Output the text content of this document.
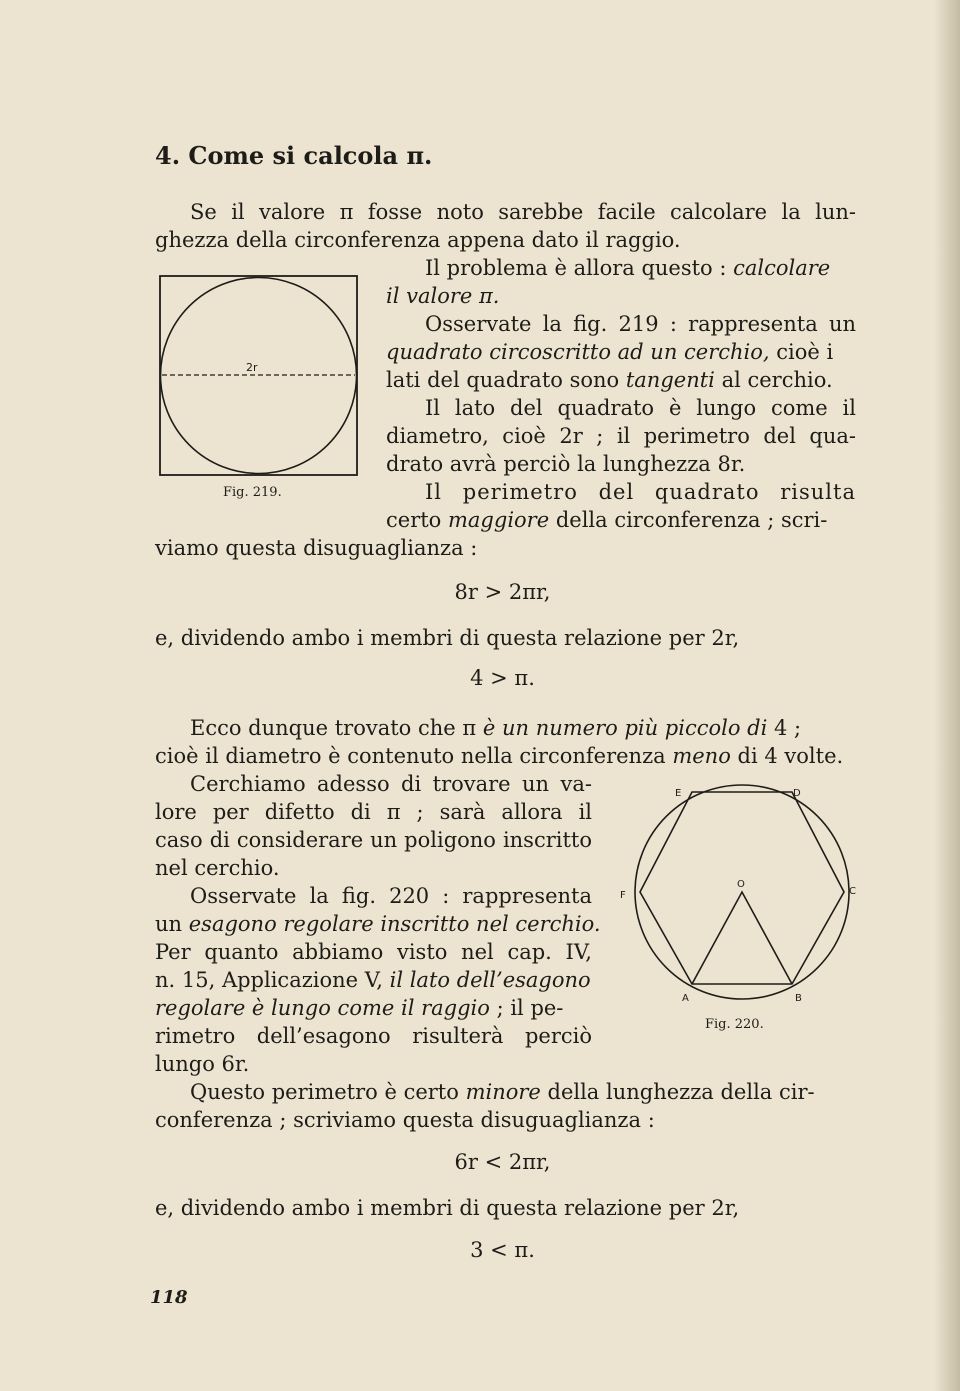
4. Come si calcola π.
Se il valore π fosse noto sarebbe facile calcolare la lun-
ghezza della circonferenza appena dato il raggio.
Il problema è allora questo : calcolare
il valore π.
Osservate la fig. 219 : rappresenta un
quadrato circoscritto ad un cerchio, cioè i
lati del quadrato sono tangenti al cerchio.
Il lato del quadrato è lungo come il
diametro, cioè 2r ; il perimetro del qua-
drato avrà perciò la lunghezza 8r.
Il perimetro del quadrato risulta
certo maggiore della circonferenza ; scri-
viamo questa disuguaglianza :
8r > 2πr,
e, dividendo ambo i membri di questa relazione per 2r,
4 > π.
Ecco dunque trovato che π è un numero più piccolo di 4 ;
cioè il diametro è contenuto nella circonferenza meno di 4 volte.
Cerchiamo adesso di trovare un va-
lore per difetto di π ; sarà allora il
caso di considerare un poligono inscritto
nel cerchio.
Osservate la fig. 220 : rappresenta
un esagono regolare inscritto nel cerchio.
Per quanto abbiamo visto nel cap. IV,
n. 15, Applicazione V, il lato dell’esagono
regolare è lungo come il raggio ; il pe-
rimetro dell’esagono risulterà perciò
lungo 6r.
Questo perimetro è certo minore della lunghezza della cir-
conferenza ; scriviamo questa disuguaglianza :
6r < 2πr,
e, dividendo ambo i membri di questa relazione per 2r,
3 < π.
2r
Fig. 219.
E	D
F	C
O
A	B
Fig. 220.
118
